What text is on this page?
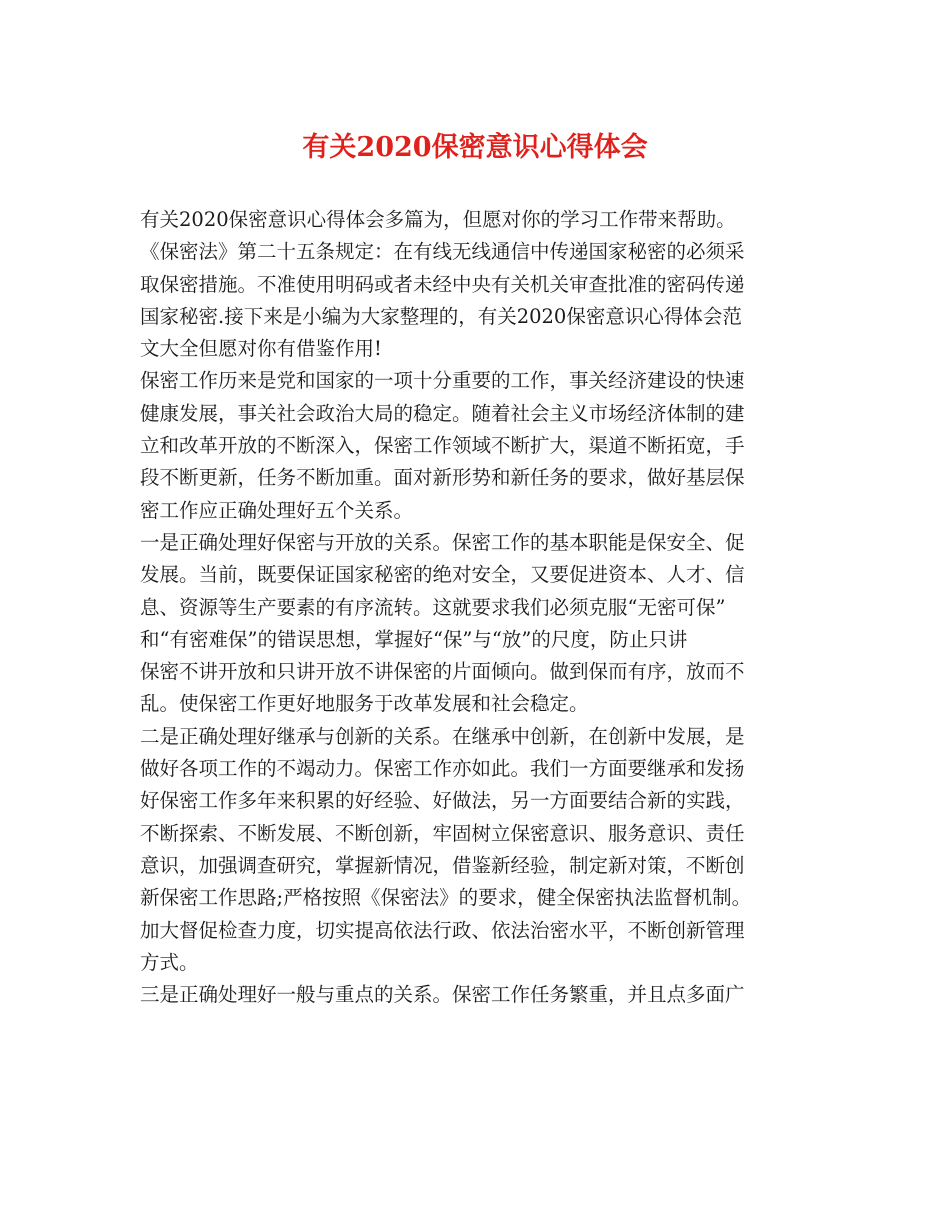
有关2020保密意识心得体会
有关2020保密意识心得体会多篇为，但愿对你的学习工作带来帮助。
《保密法》第二十五条规定：在有线无线通信中传递国家秘密的必须采
取保密措施。不准使用明码或者未经中央有关机关审查批准的密码传递
国家秘密.接下来是小编为大家整理的，有关2020保密意识心得体会范
文大全但愿对你有借鉴作用!
保密工作历来是党和国家的一项十分重要的工作，事关经济建设的快速
健康发展，事关社会政治大局的稳定。随着社会主义市场经济体制的建
立和改革开放的不断深入，保密工作领域不断扩大，渠道不断拓宽，手
段不断更新，任务不断加重。面对新形势和新任务的要求，做好基层保
密工作应正确处理好五个关系。
一是正确处理好保密与开放的关系。保密工作的基本职能是保安全、促
发展。当前，既要保证国家秘密的绝对安全，又要促进资本、人才、信
息、资源等生产要素的有序流转。这就要求我们必须克服“无密可保”
和“有密难保”的错误思想，掌握好“保”与“放”的尺度，防止只讲
保密不讲开放和只讲开放不讲保密的片面倾向。做到保而有序，放而不
乱。使保密工作更好地服务于改革发展和社会稳定。
二是正确处理好继承与创新的关系。在继承中创新，在创新中发展，是
做好各项工作的不竭动力。保密工作亦如此。我们一方面要继承和发扬
好保密工作多年来积累的好经验、好做法，另一方面要结合新的实践，
不断探索、不断发展、不断创新，牢固树立保密意识、服务意识、责任
意识，加强调查研究，掌握新情况，借鉴新经验，制定新对策，不断创
新保密工作思路;严格按照《保密法》的要求，健全保密执法监督机制。
加大督促检查力度，切实提高依法行政、依法治密水平，不断创新管理
方式。
三是正确处理好一般与重点的关系。保密工作任务繁重，并且点多面广
